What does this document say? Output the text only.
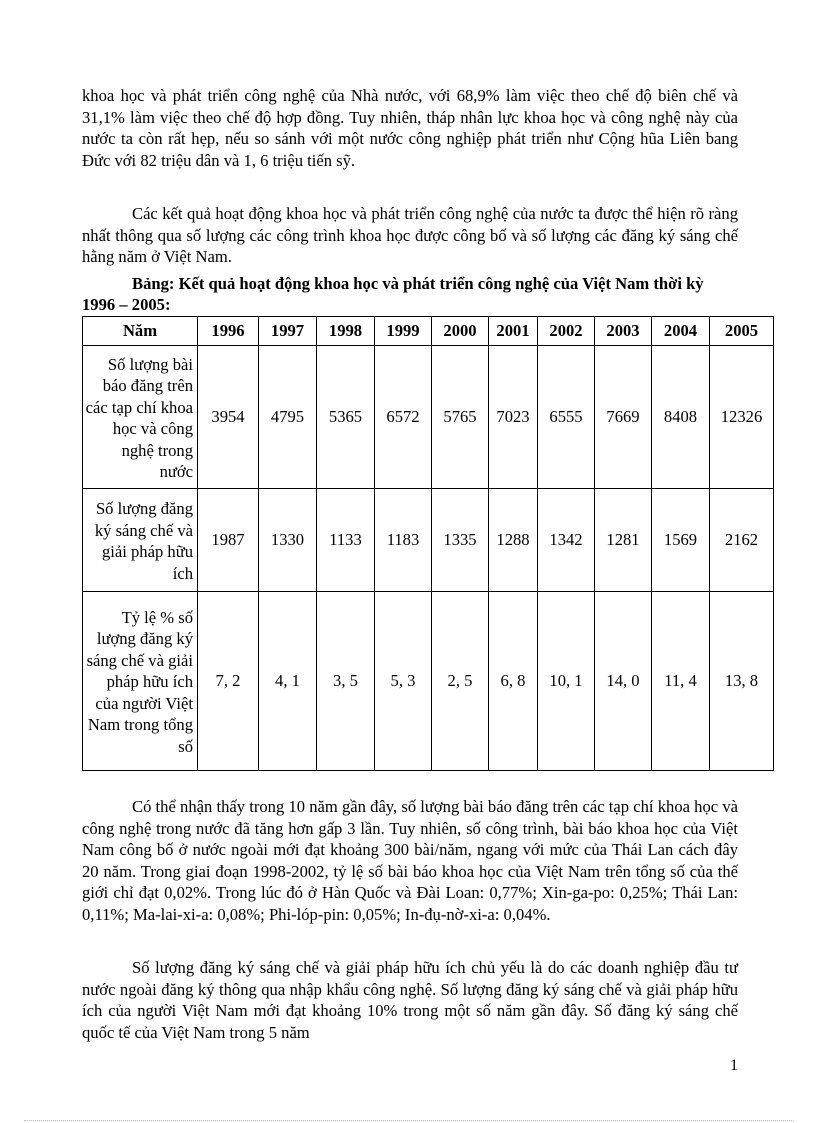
khoa học và phát triển công nghệ của Nhà nước, với 68,9% làm việc theo chế độ biên chế và 31,1% làm việc theo chế độ hợp đồng. Tuy nhiên, tháp nhân lực khoa học và công nghệ này của nước ta còn rất hẹp, nếu so sánh với một nước công nghiệp phát triển như Cộng hũa Liên bang Đức với 82 triệu dân và 1, 6 triệu tiến sỹ.

Các kết quả hoạt động khoa học và phát triển công nghệ của nước ta được thể hiện rõ ràng nhất thông qua số lượng các công trình khoa học được công bố và số lượng các đăng ký sáng chế hằng năm ở Việt Nam.

Bảng: Kết quả hoạt động khoa học và phát triển công nghệ của Việt Nam thời kỳ 1996 – 2005:

Năm	1996	1997	1998	1999	2000	2001	2002	2003	2004	2005
Số lượng bài báo đăng trên các tạp chí khoa học và công nghệ trong nước	3954	4795	5365	6572	5765	7023	6555	7669	8408	12326
Số lượng đăng ký sáng chế và giải pháp hữu ích	1987	1330	1133	1183	1335	1288	1342	1281	1569	2162
Tỷ lệ % số lượng đăng ký sáng chế và giải pháp hữu ích của người Việt Nam trong tổng số	7, 2	4, 1	3, 5	5, 3	2, 5	6, 8	10, 1	14, 0	11, 4	13, 8

Có thể nhận thấy trong 10 năm gần đây, số lượng bài báo đăng trên các tạp chí khoa học và công nghệ trong nước đã tăng hơn gấp 3 lần. Tuy nhiên, số công trình, bài báo khoa học của Việt Nam công bố ở nước ngoài mới đạt khoảng 300 bài/năm, ngang với mức của Thái Lan cách đây 20 năm. Trong giai đoạn 1998-2002, tỷ lệ số bài báo khoa học của Việt Nam trên tổng số của thế giới chỉ đạt 0,02%. Trong lúc đó ở Hàn Quốc và Đài Loan: 0,77%; Xin-ga-po: 0,25%; Thái Lan: 0,11%; Ma-lai-xi-a: 0,08%; Phi-lóp-pin: 0,05%; In-đụ-nờ-xi-a: 0,04%.

Số lượng đăng ký sáng chế và giải pháp hữu ích chủ yếu là do các doanh nghiệp đầu tư nước ngoài đăng ký thông qua nhập khẩu công nghệ. Số lượng đăng ký sáng chế và giải pháp hữu ích của người Việt Nam mới đạt khoảng 10% trong một số năm gần đây. Số đăng ký sáng chế quốc tế của Việt Nam trong 5 năm

1
